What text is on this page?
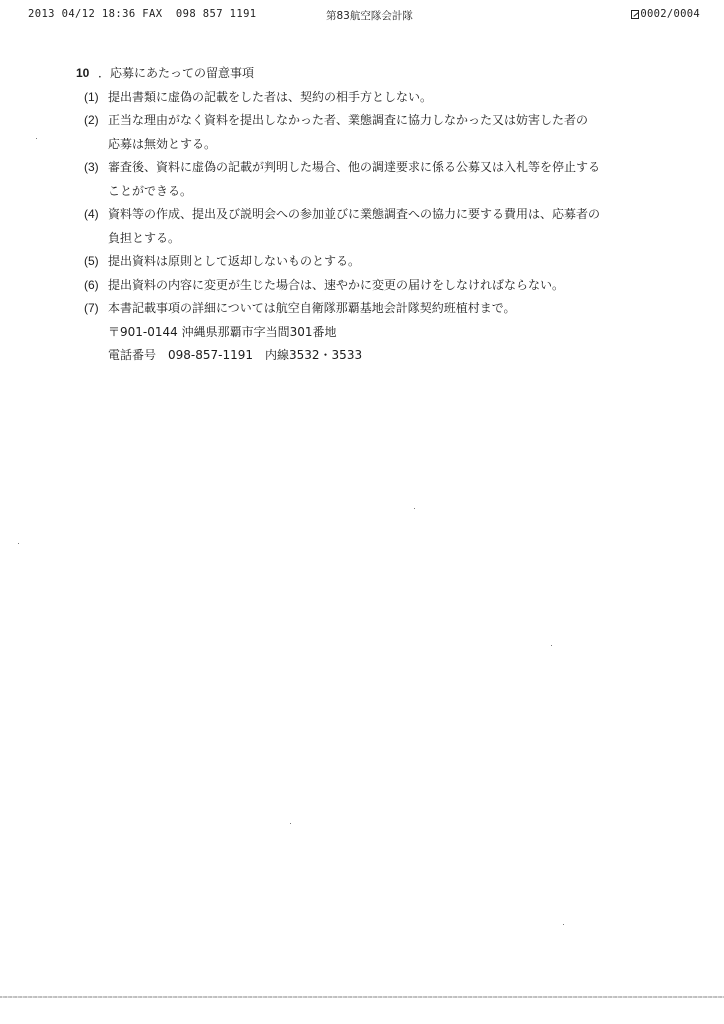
2013 04/12 18:36 FAX  098 857 1191	第83航空隊会計隊	0002/0004
10 ．応募にあたっての留意事項
(1) 提出書類に虚偽の記載をした者は、契約の相手方としない。
(2) 正当な理由がなく資料を提出しなかった者、業態調査に協力しなかった又は妨害した者の
応募は無効とする。
(3) 審査後、資料に虚偽の記載が判明した場合、他の調達要求に係る公募又は入札等を停止する
ことができる。
(4) 資料等の作成、提出及び説明会への参加並びに業態調査への協力に要する費用は、応募者の
負担とする。
(5) 提出資料は原則として返却しないものとする。
(6) 提出資料の内容に変更が生じた場合は、速やかに変更の届けをしなければならない。
(7) 本書記載事項の詳細については航空自衛隊那覇基地会計隊契約班植村まで。
〒901-0144 沖縄県那覇市字当間301番地
電話番号　098-857-1191　内線3532・3533
